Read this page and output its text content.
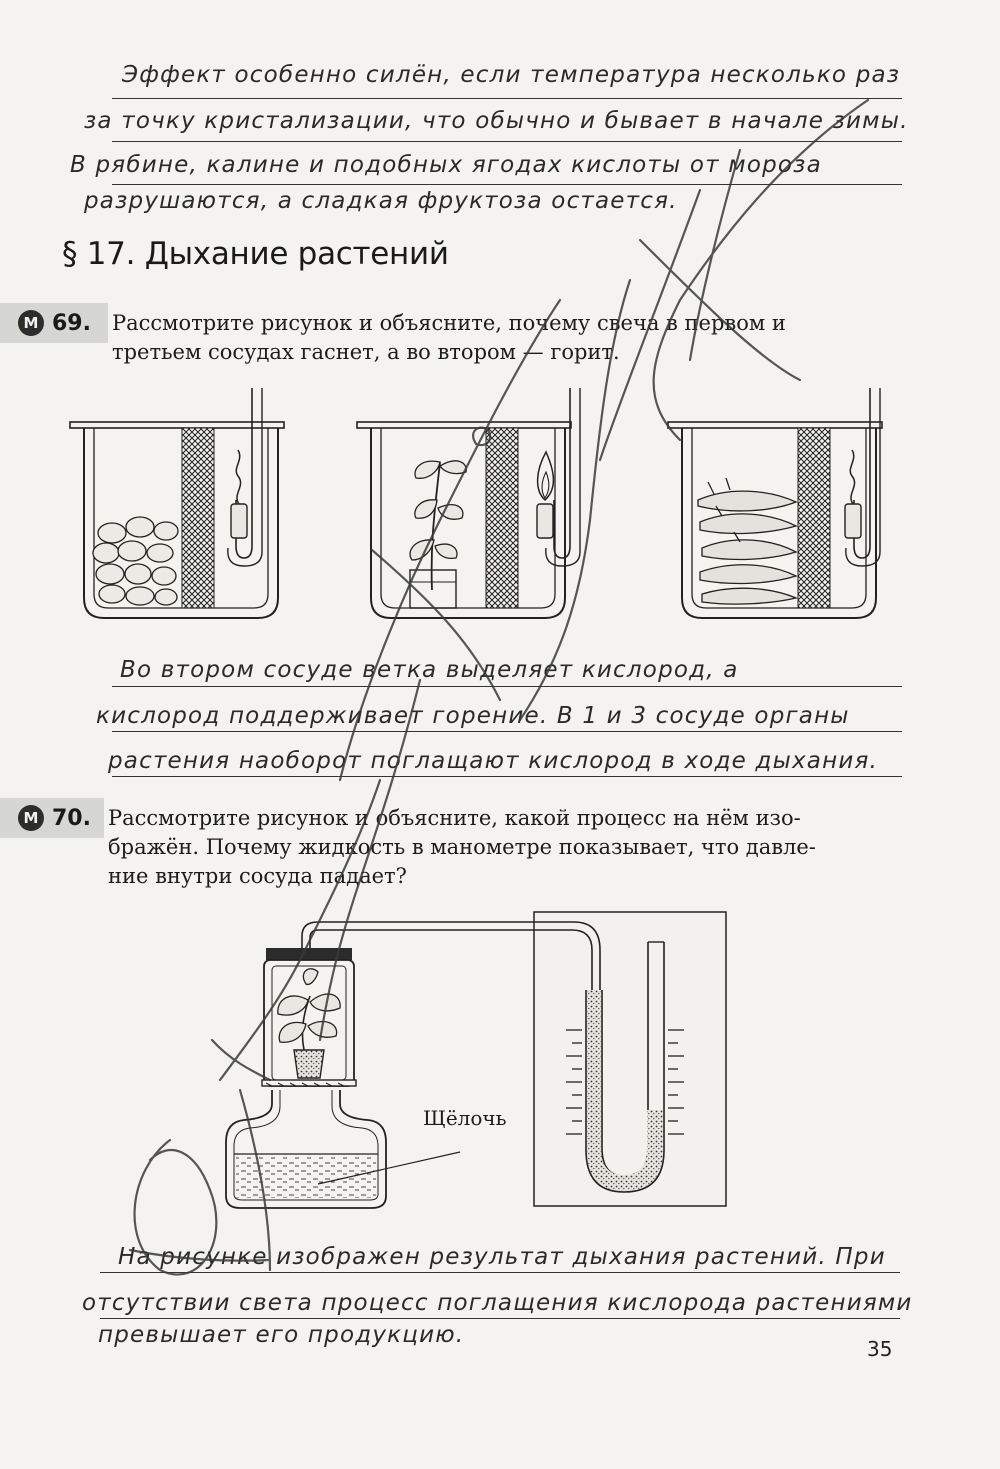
Эффект особенно силён, если температура несколько раз
за точку кристализации, что обычно и бывает в начале зимы.
В рябине, калине и подобных ягодах кислоты от мороза
разрушаются, а сладкая фруктоза остается.
§ 17. Дыхание растений
М 69. Рассмотрите рисунок и объясните, почему свеча в первом и
третьем сосудах гаснет, а во втором — горит.
Во втором сосуде ветка выделяет кислород, а
кислород поддерживает горение. В 1 и 3 сосуде органы
растения наоборот поглащают кислород в ходе дыхания.
М 70. Рассмотрите рисунок и объясните, какой процесс на нём изо-
бражён. Почему жидкость в манометре показывает, что давле-
ние внутри сосуда падает?
Щёлочь
На рисунке изображен результат дыхания растений. При
отсутствии света процесс поглащения кислорода растениями
превышает его продукцию.
35
